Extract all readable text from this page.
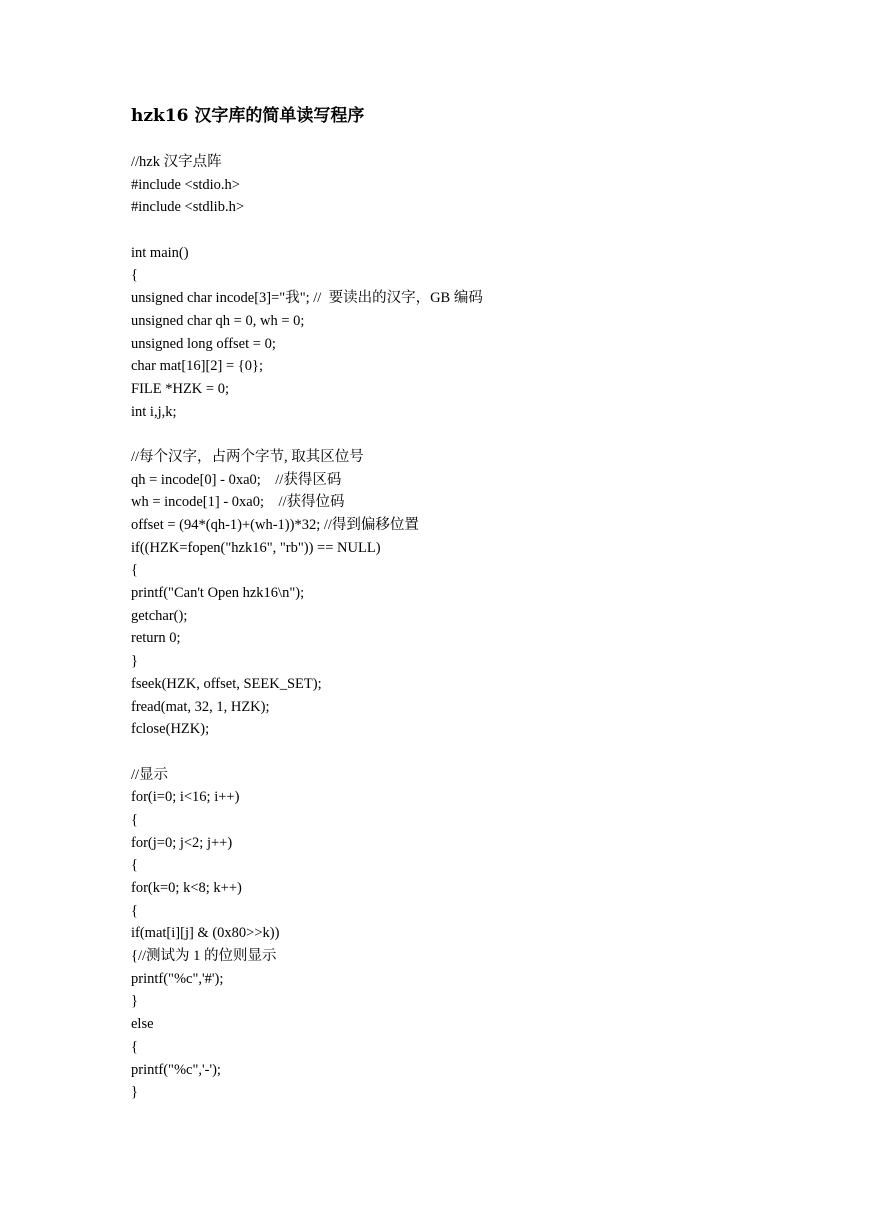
hzk16 汉字库的简单读写程序
//hzk 汉字点阵
#include <stdio.h>
#include <stdlib.h>
int main()
{
unsigned char incode[3]="我"; //  要读出的汉字，GB 编码
unsigned char qh = 0, wh = 0;
unsigned long offset = 0;
char mat[16][2] = {0};
FILE *HZK = 0;
int i,j,k;
//每个汉字，占两个字节, 取其区位号
qh = incode[0] - 0xa0;    //获得区码
wh = incode[1] - 0xa0;    //获得位码
offset = (94*(qh-1)+(wh-1))*32; //得到偏移位置
if((HZK=fopen("hzk16", "rb")) == NULL)
{
printf("Can't Open hzk16\n");
getchar();
return 0;
}
fseek(HZK, offset, SEEK_SET);
fread(mat, 32, 1, HZK);
fclose(HZK);
//显示
for(i=0; i<16; i++)
{
for(j=0; j<2; j++)
{
for(k=0; k<8; k++)
{
if(mat[i][j] & (0x80>>k))
{//测试为 1 的位则显示
printf("%c",'#');
}
else
{
printf("%c",'-');
}
